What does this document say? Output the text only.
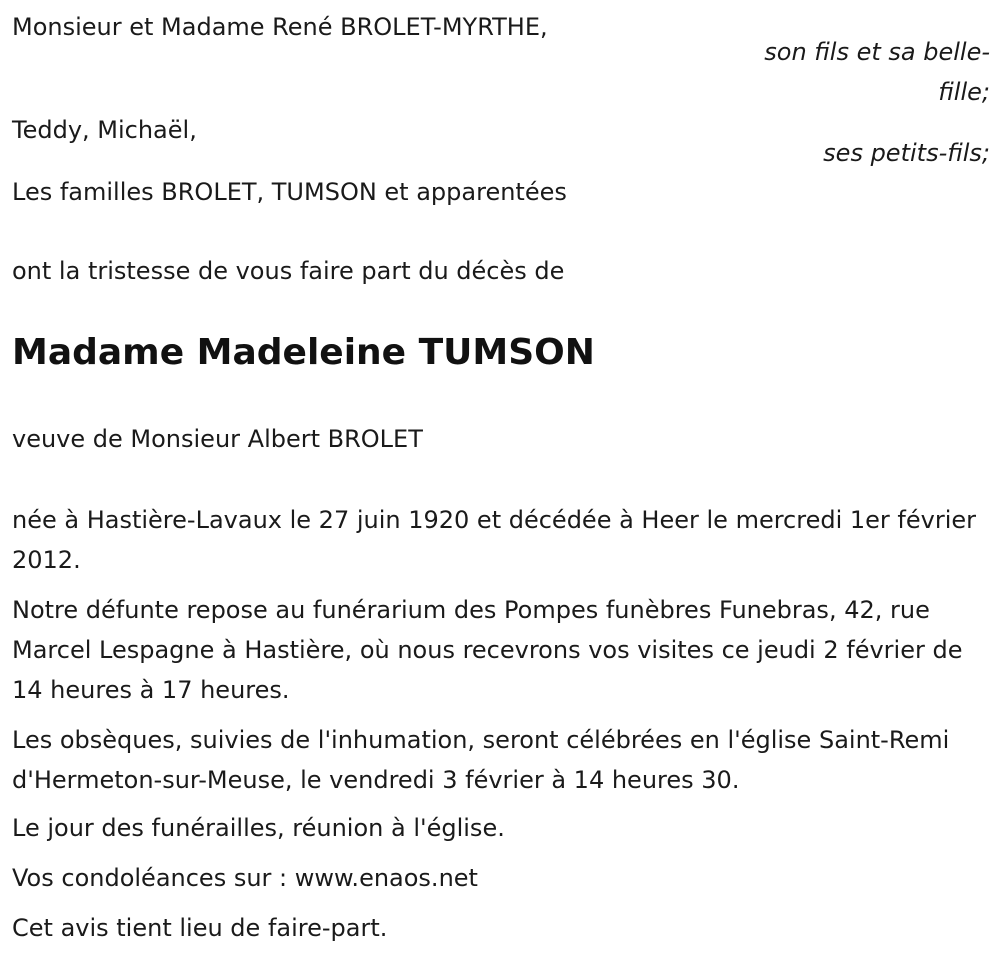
Monsieur et Madame René BROLET-MYRTHE,

son fils et sa belle-fille;

Teddy, Michaël,

ses petits-fils;

Les familles BROLET, TUMSON et apparentées

ont la tristesse de vous faire part du décès de

Madame Madeleine TUMSON

veuve de Monsieur Albert BROLET

née à Hastière-Lavaux le 27 juin 1920 et décédée à Heer le mercredi 1er février 2012.

Notre défunte repose au funérarium des Pompes funèbres Funebras, 42, rue Marcel Lespagne à Hastière, où nous recevrons vos visites ce jeudi 2 février de 14 heures à 17 heures.

Les obsèques, suivies de l'inhumation, seront célébrées en l'église Saint-Remi d'Hermeton-sur-Meuse, le vendredi 3 février à 14 heures 30.

Le jour des funérailles, réunion à l'église.

Vos condoléances sur : www.enaos.net

Cet avis tient lieu de faire-part.
